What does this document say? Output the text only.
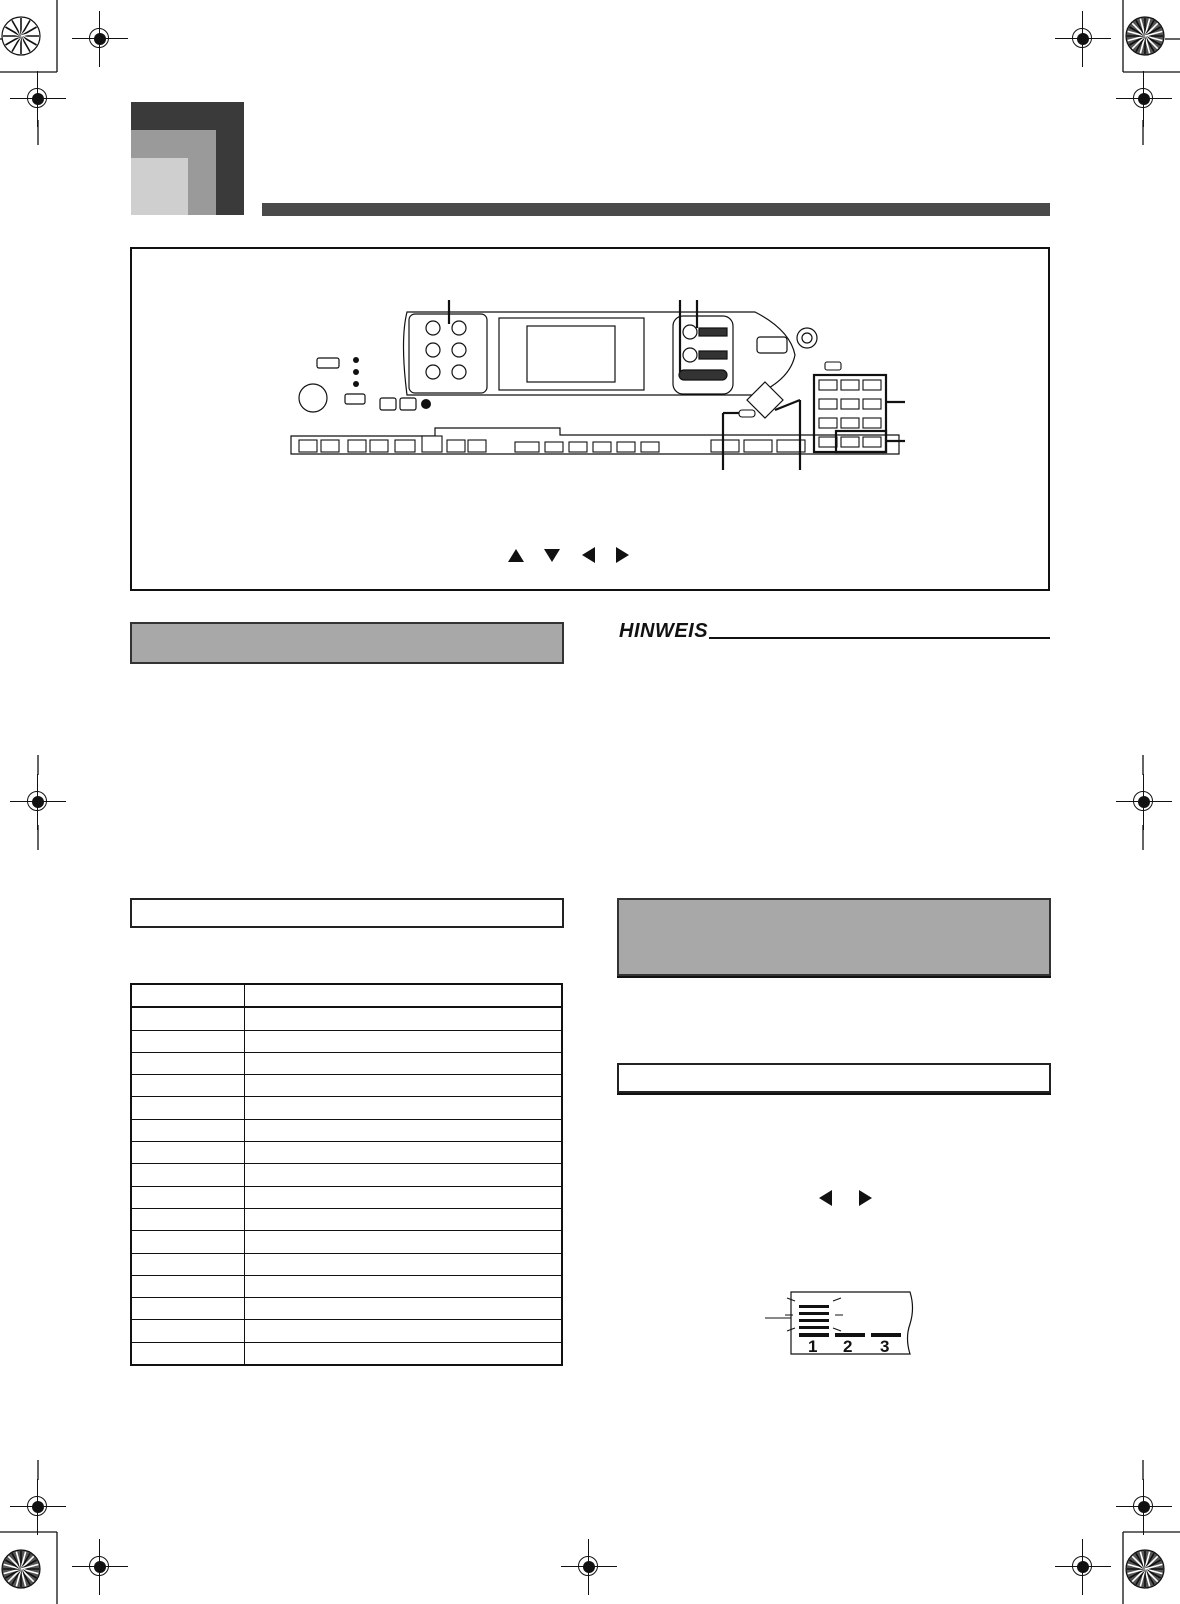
HINWEIS
1 2 3
